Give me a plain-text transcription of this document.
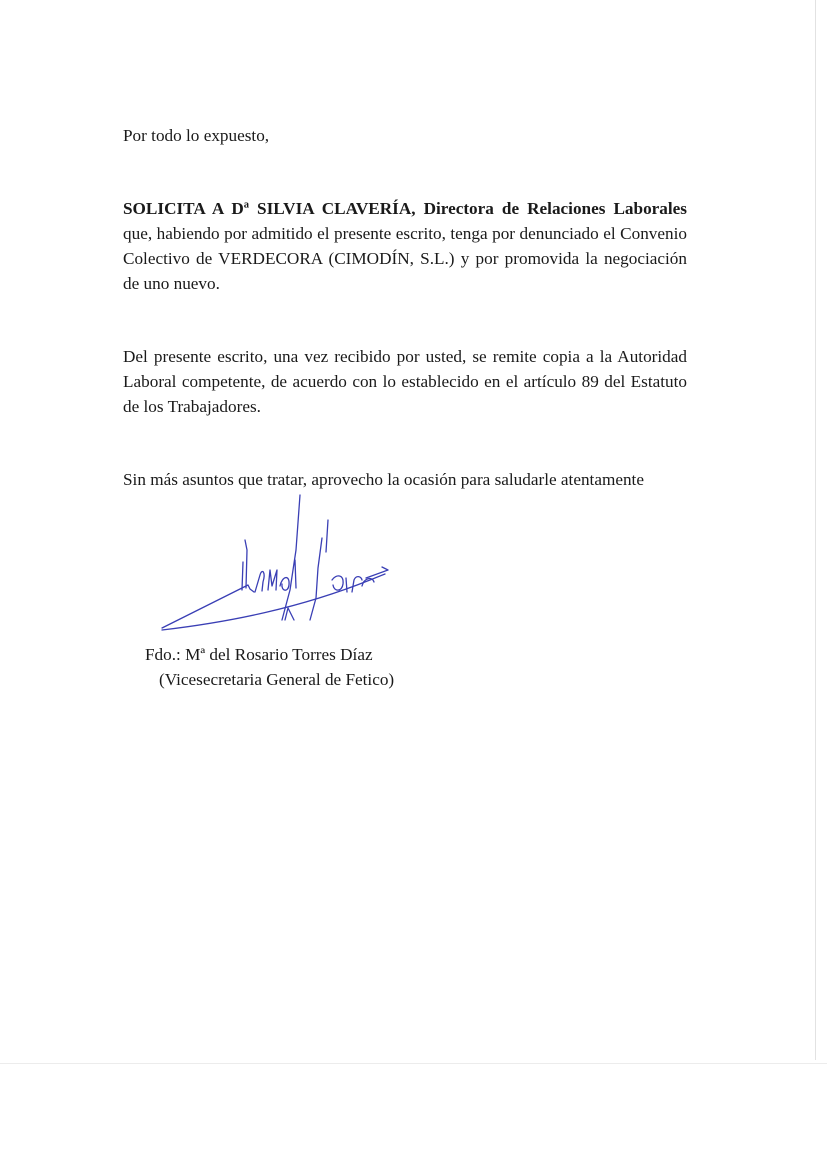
Por todo lo expuesto,

SOLICITA A Dª SILVIA CLAVERÍA, Directora de Relaciones Laborales que, habiendo por admitido el presente escrito, tenga por denunciado el Convenio Colectivo de VERDECORA (CIMODÍN, S.L.) y por promovida la negociación de uno nuevo.

Del presente escrito, una vez recibido por usted, se remite copia a la Autoridad Laboral competente, de acuerdo con lo establecido en el artículo 89 del Estatuto de los Trabajadores.

Sin más asuntos que tratar, aprovecho la ocasión para saludarle atentamente

Fdo.: Mª del Rosario Torres Díaz

(Vicesecretaria General de Fetico)
